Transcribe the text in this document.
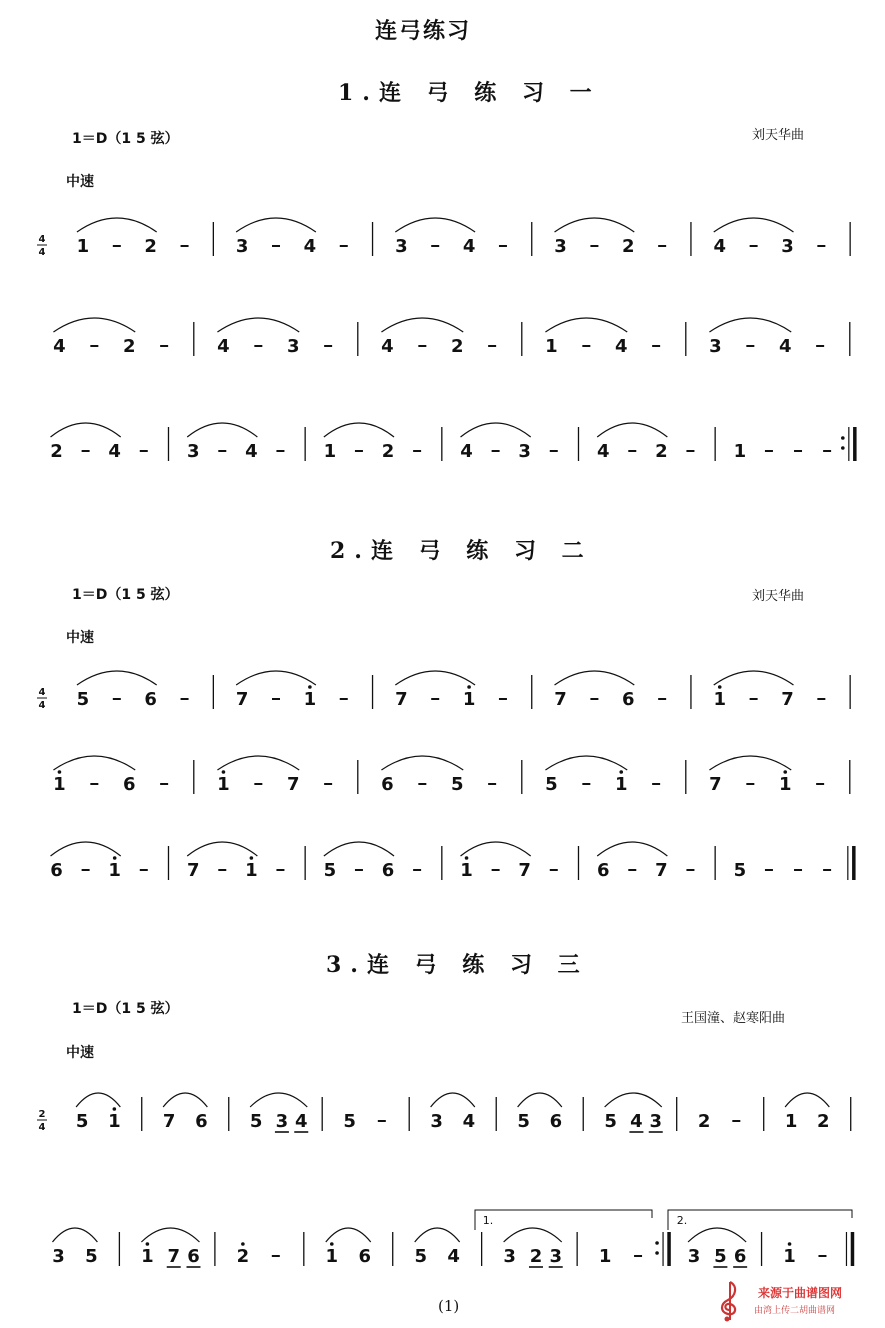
连弓练习
1.连 弓 练 习 一
1＝D（1 5 弦）	刘天华曲
中速
2.连 弓 练 习 二
1＝D（1 5 弦）	刘天华曲
中速
3.连 弓 练 习 三
1＝D（1 5 弦）
王国潼、赵寒阳曲
中速
1	2	3	4	3	4	3	2	4	3
4
4
4	2	4	3	4	2	1	4	3	4
2	4	3	4	1	2	4	3	4	2	1
5	6	7	1	7	1	7	6	1	7
4
4
1	6	1	7	6	5	5	1	7	1
6	1	7	1	5	6	1	7	6	7	5
5 1 7 6 5 3 4 5	3 4 5 6 5 4 3 2	1 2
2
4
3 5 1 7 6 2	1 6 5 4 3 2 3 1	3 5 6 1
1.	2.
(1)
来源于曲谱图网
由湾上传二胡曲谱网
